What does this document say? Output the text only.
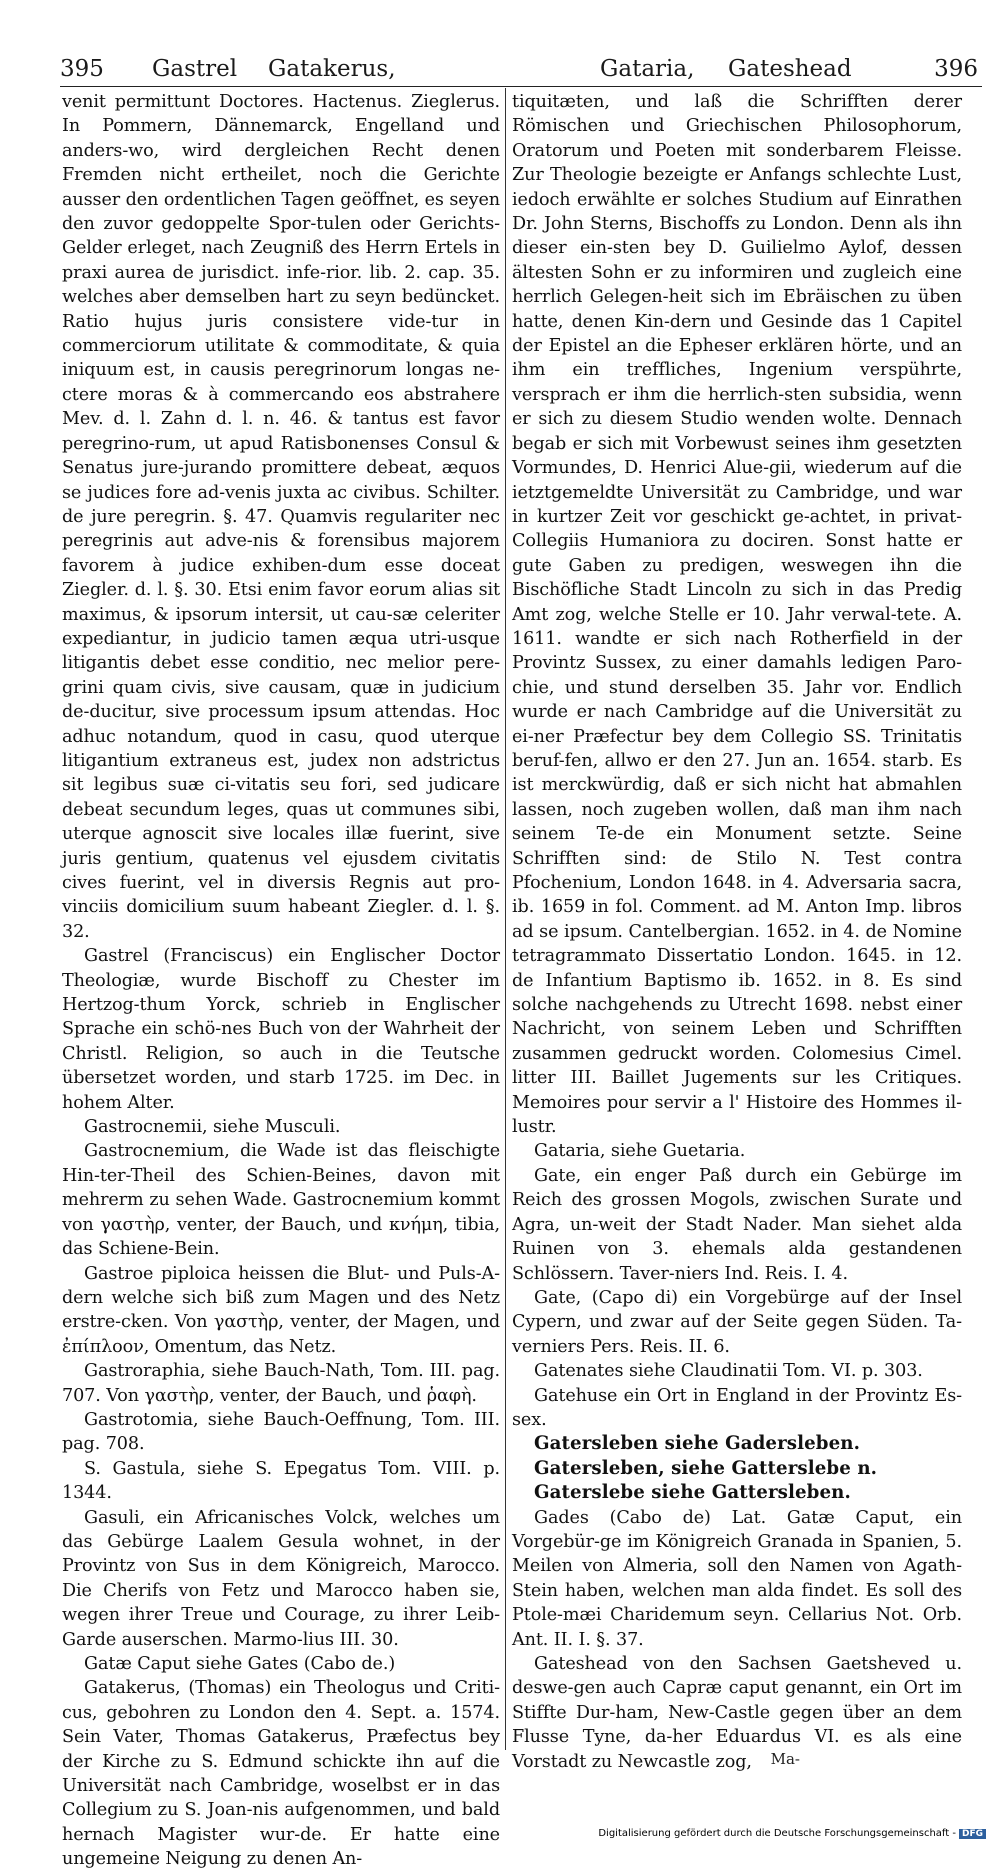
395 Gastrel Gatakerus,	Gataria, Gateshead	396

venit permittunt Doctores. Hactenus. Zieglerus. In Pommern, Dännemarck, Engelland und anders-wo, wird dergleichen Recht denen Fremden nicht ertheilet, noch die Gerichte ausser den ordentlichen Tagen geöffnet, es seyen den zuvor gedoppelte Spor-tulen oder Gerichts-Gelder erleget, nach Zeugniß des Herrn Ertels in praxi aurea de jurisdict. infe-rior. lib. 2. cap. 35. welches aber demselben hart zu seyn bedüncket. Ratio hujus juris consistere vide-tur in commerciorum utilitate & commoditate, & quia iniquum est, in causis peregrinorum longas ne-ctere moras & à commercando eos abstrahere Mev. d. l. Zahn d. l. n. 46. & tantus est favor peregrino-rum, ut apud Ratisbonenses Consul & Senatus jure-jurando promittere debeat, æquos se judices fore ad-venis juxta ac civibus. Schilter. de jure peregrin. §. 47. Quamvis regulariter nec peregrinis aut adve-nis & forensibus majorem favorem à judice exhiben-dum esse doceat Ziegler. d. l. §. 30. Etsi enim favor eorum alias sit maximus, & ipsorum intersit, ut cau-sæ celeriter expediantur, in judicio tamen æqua utri-usque litigantis debet esse conditio, nec melior pere-grini quam civis, sive causam, quæ in judicium de-ducitur, sive processum ipsum attendas. Hoc adhuc notandum, quod in casu, quod uterque litigantium extraneus est, judex non adstrictus sit legibus suæ ci-vitatis seu fori, sed judicare debeat secundum leges, quas ut communes sibi, uterque agnoscit sive locales illæ fuerint, sive juris gentium, quatenus vel ejusdem civitatis cives fuerint, vel in diversis Regnis aut pro-vinciis domicilium suum habeant Ziegler. d. l. §. 32.

Gastrel (Franciscus) ein Englischer Doctor Theologiæ, wurde Bischoff zu Chester im Hertzog-thum Yorck, schrieb in Englischer Sprache ein schö-nes Buch von der Wahrheit der Christl. Religion, so auch in die Teutsche übersetzet worden, und starb 1725. im Dec. in hohem Alter.

Gastrocnemii, siehe Musculi.

Gastrocnemium, die Wade ist das fleischigte Hin-ter-Theil des Schien-Beines, davon mit mehrerm zu sehen Wade. Gastrocnemium kommt von γαστὴρ, venter, der Bauch, und κνήμη, tibia, das Schiene-Bein.

Gastroe piploica heissen die Blut- und Puls-A-dern welche sich biß zum Magen und des Netz erstre-cken. Von γαστὴρ, venter, der Magen, und ἐπίπλοον, Omentum, das Netz.

Gastroraphia, siehe Bauch-Nath, Tom. III. pag. 707. Von γαστὴρ, venter, der Bauch, und ῥαφὴ.

Gastrotomia, siehe Bauch-Oeffnung, Tom. III. pag. 708.

S. Gastula, siehe S. Epegatus Tom. VIII. p. 1344.

Gasuli, ein Africanisches Volck, welches um das Gebürge Laalem Gesula wohnet, in der Provintz von Sus in dem Königreich, Marocco. Die Cherifs von Fetz und Marocco haben sie, wegen ihrer Treue und Courage, zu ihrer Leib-Garde auserschen. Marmo-lius III. 30.

Gatæ Caput siehe Gates (Cabo de.)

Gatakerus, (Thomas) ein Theologus und Criti-cus, gebohren zu London den 4. Sept. a. 1574. Sein Vater, Thomas Gatakerus, Præfectus bey der Kirche zu S. Edmund schickte ihn auf die Universität nach Cambridge, woselbst er in das Collegium zu S. Joan-nis aufgenommen, und bald hernach Magister wur-de. Er hatte eine ungemeine Neigung zu denen An-

tiquitæten, und laß die Schrifften derer Römischen und Griechischen Philosophorum, Oratorum und Poeten mit sonderbarem Fleisse. Zur Theologie bezeigte er Anfangs schlechte Lust, iedoch erwählte er solches Studium auf Einrathen Dr. John Sterns, Bischoffs zu London. Denn als ihn dieser ein-sten bey D. Guilielmo Aylof, dessen ältesten Sohn er zu informiren und zugleich eine herrlich Gelegen-heit sich im Ebräischen zu üben hatte, denen Kin-dern und Gesinde das 1 Capitel der Epistel an die Epheser erklären hörte, und an ihm ein treffliches, Ingenium verspührte, versprach er ihm die herrlich-sten subsidia, wenn er sich zu diesem Studio wenden wolte. Dennach begab er sich mit Vorbewust seines ihm gesetzten Vormundes, D. Henrici Alue-gii, wiederum auf die ietztgemeldte Universität zu Cambridge, und war in kurtzer Zeit vor geschickt ge-achtet, in privat-Collegiis Humaniora zu dociren. Sonst hatte er gute Gaben zu predigen, weswegen ihn die Bischöfliche Stadt Lincoln zu sich in das Predig Amt zog, welche Stelle er 10. Jahr verwal-tete. A. 1611. wandte er sich nach Rotherfield in der Provintz Sussex, zu einer damahls ledigen Paro-chie, und stund derselben 35. Jahr vor. Endlich wurde er nach Cambridge auf die Universität zu ei-ner Præfectur bey dem Collegio SS. Trinitatis beruf-fen, allwo er den 27. Jun an. 1654. starb. Es ist merckwürdig, daß er sich nicht hat abmahlen lassen, noch zugeben wollen, daß man ihm nach seinem Te-de ein Monument setzte. Seine Schrifften sind: de Stilo N. Test contra Pfochenium, London 1648. in 4. Adversaria sacra, ib. 1659 in fol. Comment. ad M. Anton Imp. libros ad se ipsum. Cantelbergian. 1652. in 4. de Nomine tetragrammato Dissertatio London. 1645. in 12. de Infantium Baptismo ib. 1652. in 8. Es sind solche nachgehends zu Utrecht 1698. nebst einer Nachricht, von seinem Leben und Schrifften zusammen gedruckt worden. Colomesius Cimel. litter III. Baillet Jugements sur les Critiques. Memoires pour servir a l' Histoire des Hommes il-lustr.

Gataria, siehe Guetaria.

Gate, ein enger Paß durch ein Gebürge im Reich des grossen Mogols, zwischen Surate und Agra, un-weit der Stadt Nader. Man siehet alda Ruinen von 3. ehemals alda gestandenen Schlössern. Taver-niers Ind. Reis. I. 4.

Gate, (Capo di) ein Vorgebürge auf der Insel Cypern, und zwar auf der Seite gegen Süden. Ta-verniers Pers. Reis. II. 6.

Gatenates siehe Claudinatii Tom. VI. p. 303.

Gatehuse ein Ort in England in der Provintz Es-sex.

Gatersleben siehe Gadersleben.

Gatersleben, siehe Gatterslebe n.

Gaterslebe siehe Gattersleben.

Gades (Cabo de) Lat. Gatæ Caput, ein Vorgebür-ge im Königreich Granada in Spanien, 5. Meilen von Almeria, soll den Namen von Agath-Stein haben, welchen man alda findet. Es soll des Ptole-mæi Charidemum seyn. Cellarius Not. Orb. Ant. II. I. §. 37.

Gateshead von den Sachsen Gaetsheved u. deswe-gen auch Capræ caput genannt, ein Ort im Stiffte Dur-ham, New-Castle gegen über an dem Flusse Tyne, da-her Eduardus VI. es als eine Vorstadt zu Newcastle zog,	Ma-
Digitalisierung gefördert durch die Deutsche Forschungsgemeinschaft - DFG
